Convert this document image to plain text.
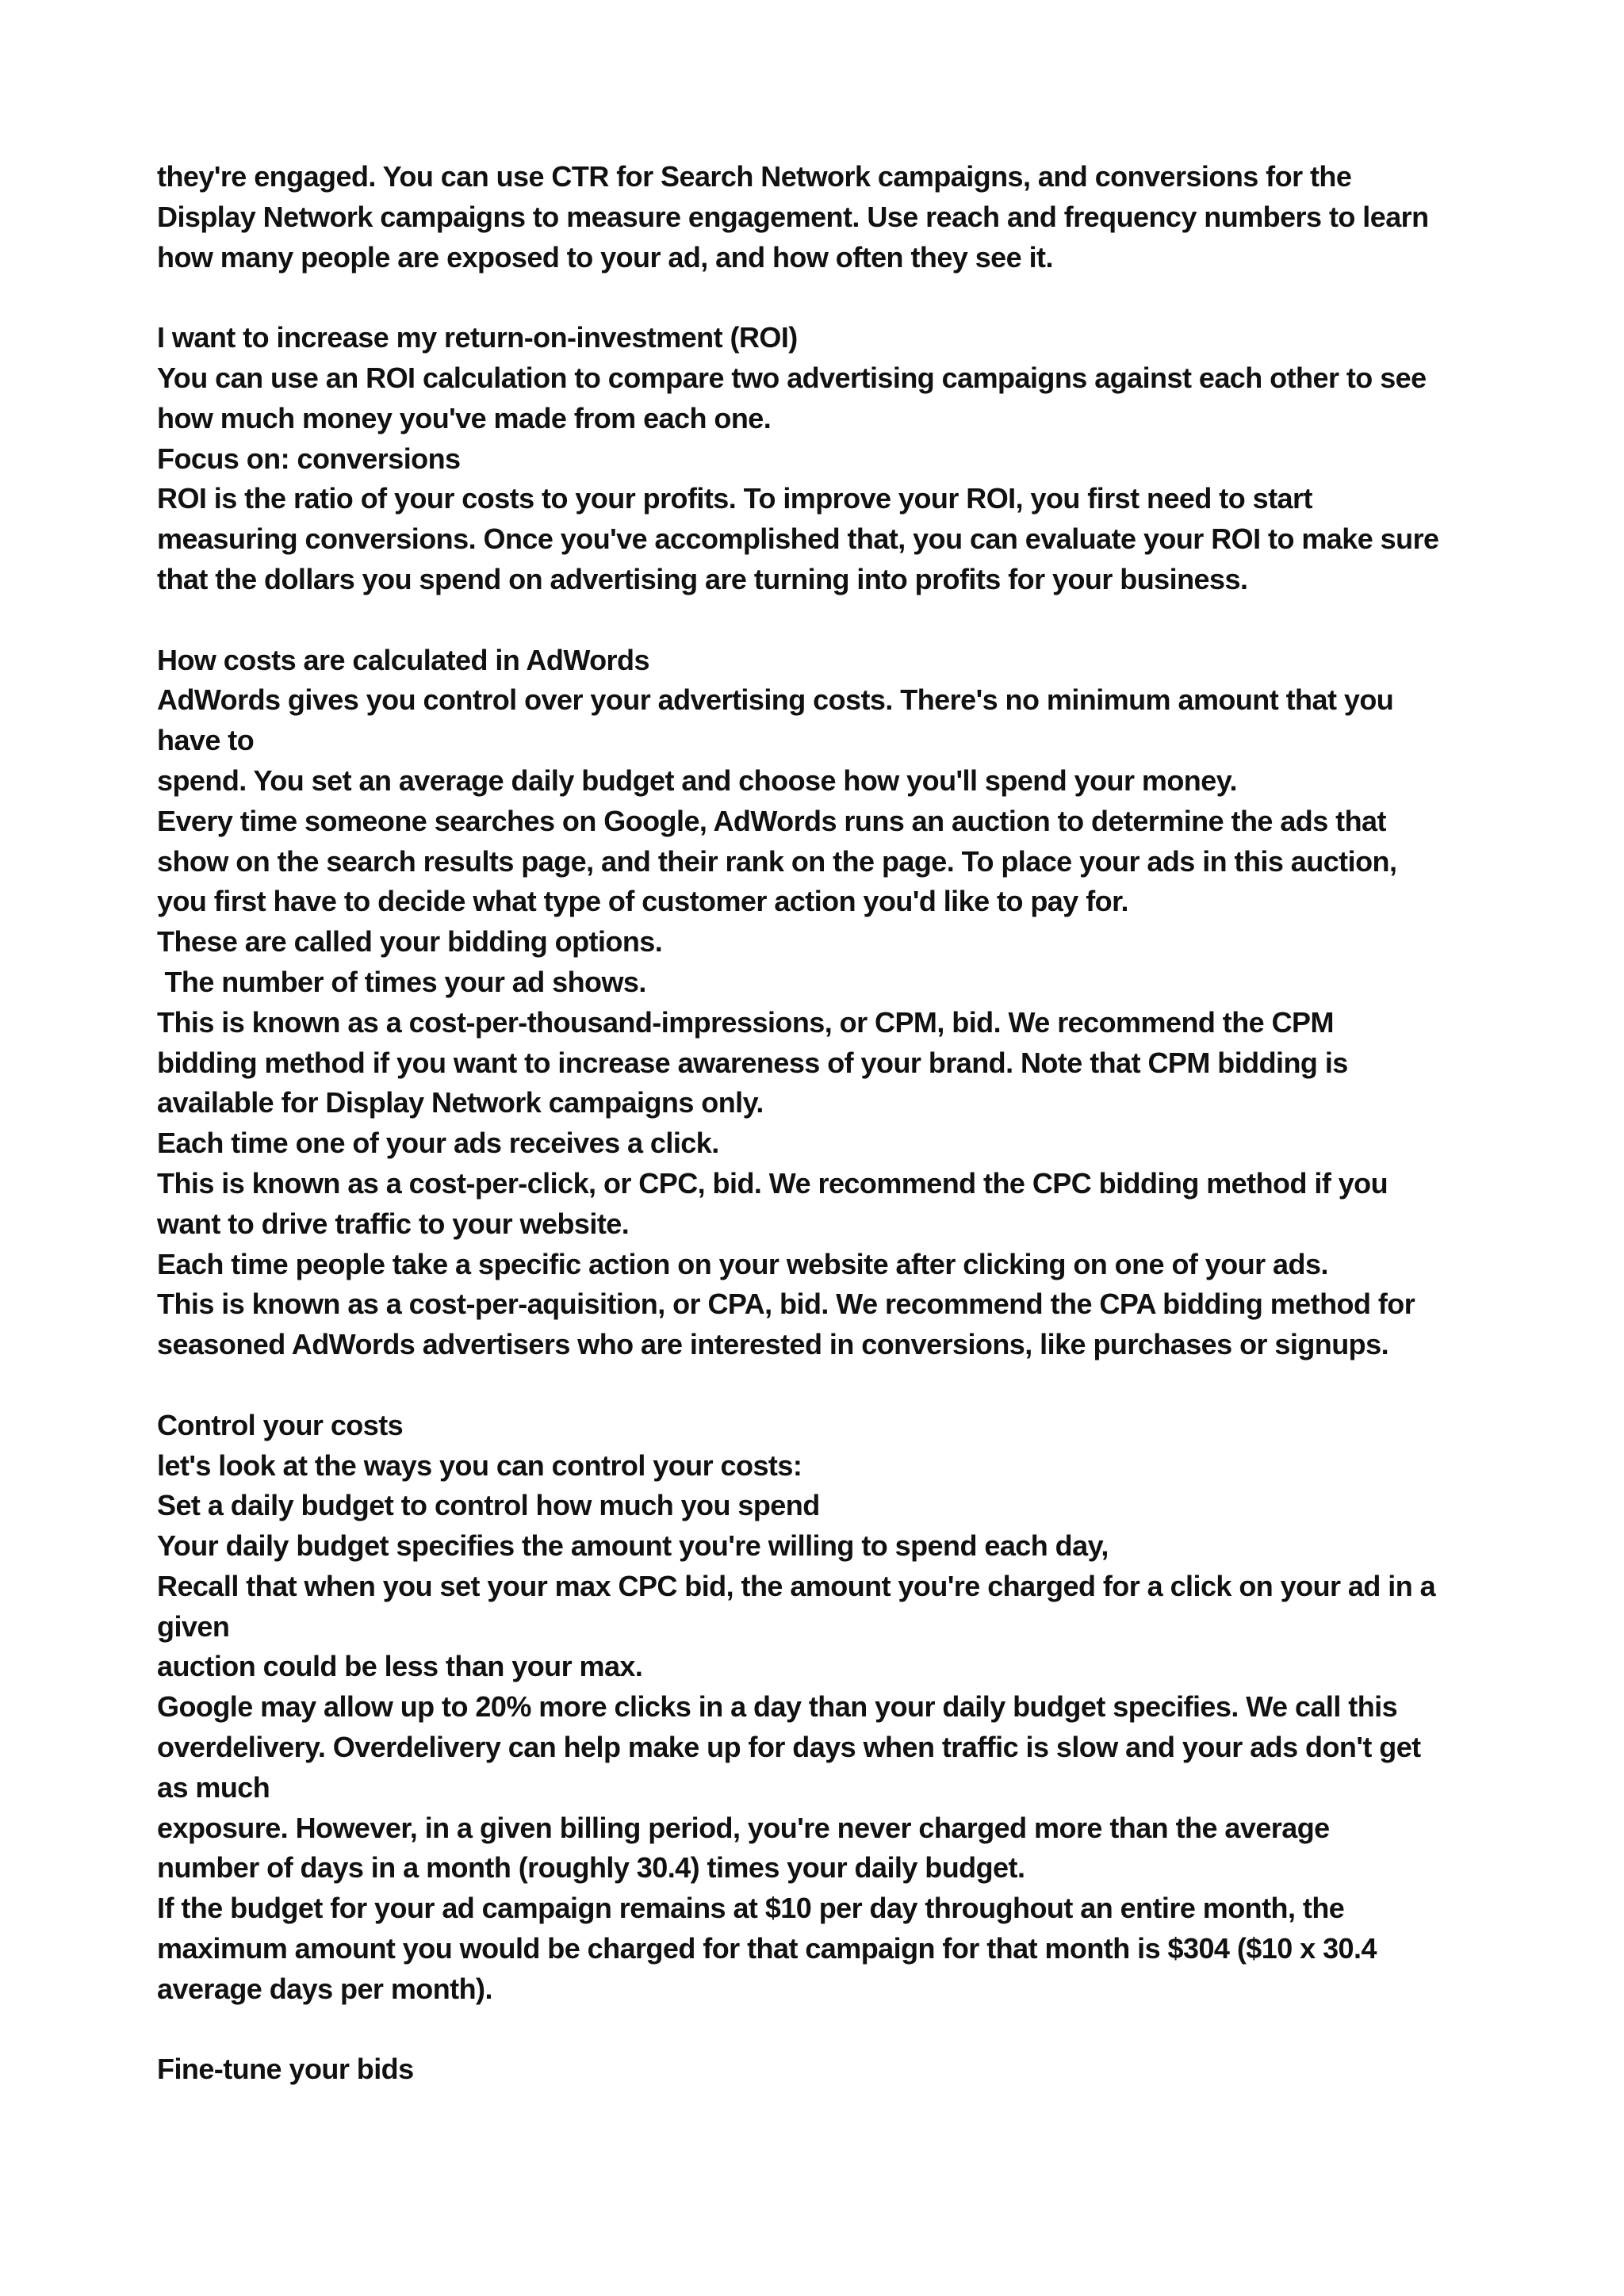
they're engaged. You can use CTR for Search Network campaigns, and conversions for the
Display Network campaigns to measure engagement. Use reach and frequency numbers to learn
how many people are exposed to your ad, and how often they see it.
I want to increase my return-on-investment (ROI)
You can use an ROI calculation to compare two advertising campaigns against each other to see
how much money you've made from each one.
Focus on: conversions
ROI is the ratio of your costs to your profits. To improve your ROI, you first need to start
measuring conversions. Once you've accomplished that, you can evaluate your ROI to make sure
that the dollars you spend on advertising are turning into profits for your business.
How costs are calculated in AdWords
AdWords gives you control over your advertising costs. There's no minimum amount that you
have to
spend. You set an average daily budget and choose how you'll spend your money.
Every time someone searches on Google, AdWords runs an auction to determine the ads that
show on the search results page, and their rank on the page. To place your ads in this auction,
you first have to decide what type of customer action you'd like to pay for.
These are called your bidding options.
The number of times your ad shows.
This is known as a cost-per-thousand-impressions, or CPM, bid. We recommend the CPM
bidding method if you want to increase awareness of your brand. Note that CPM bidding is
available for Display Network campaigns only.
Each time one of your ads receives a click.
This is known as a cost-per-click, or CPC, bid. We recommend the CPC bidding method if you
want to drive traffic to your website.
Each time people take a specific action on your website after clicking on one of your ads.
This is known as a cost-per-aquisition, or CPA, bid. We recommend the CPA bidding method for
seasoned AdWords advertisers who are interested in conversions, like purchases or signups.
Control your costs
let's look at the ways you can control your costs:
Set a daily budget to control how much you spend
Your daily budget specifies the amount you're willing to spend each day,
Recall that when you set your max CPC bid, the amount you're charged for a click on your ad in a
given
auction could be less than your max.
Google may allow up to 20% more clicks in a day than your daily budget specifies. We call this
overdelivery. Overdelivery can help make up for days when traffic is slow and your ads don't get
as much
exposure. However, in a given billing period, you're never charged more than the average
number of days in a month (roughly 30.4) times your daily budget.
If the budget for your ad campaign remains at $10 per day throughout an entire month, the
maximum amount you would be charged for that campaign for that month is $304 ($10 x 30.4
average days per month).
Fine-tune your bids
